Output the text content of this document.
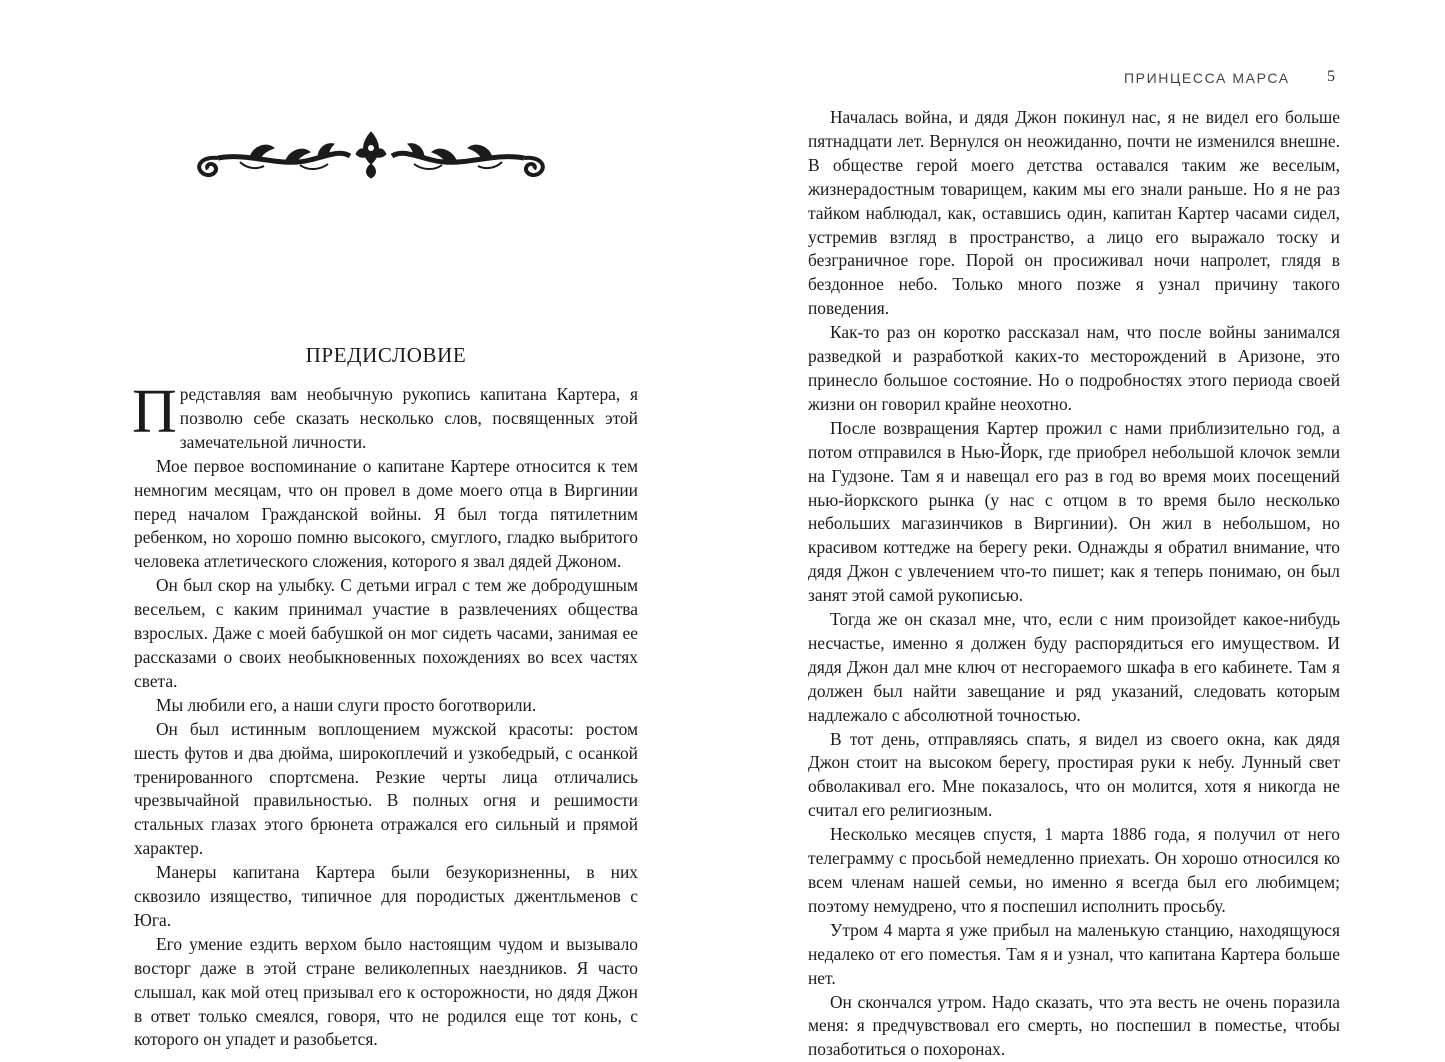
ПРЕДИСЛОВИЕ

Представляя вам необычную рукопись капитана Картера, я позволю себе сказать несколько слов, посвященных этой замечательной личности.

Мое первое воспоминание о капитане Картере относится к тем немногим месяцам, что он провел в доме моего отца в Виргинии перед началом Гражданской войны. Я был тогда пятилетним ребенком, но хорошо помню высокого, смуглого, гладко выбритого человека атлетического сложения, которого я звал дядей Джоном.

Он был скор на улыбку. С детьми играл с тем же добродушным весельем, с каким принимал участие в развлечениях общества взрослых. Даже с моей бабушкой он мог сидеть часами, занимая ее рассказами о своих необыкновенных похождениях во всех частях света.

Мы любили его, а наши слуги просто боготворили.

Он был истинным воплощением мужской красоты: ростом шесть футов и два дюйма, широкоплечий и узкобедрый, с осанкой тренированного спортсмена. Резкие черты лица отличались чрезвычайной правильностью. В полных огня и решимости стальных глазах этого брюнета отражался его сильный и прямой характер.

Манеры капитана Картера были безукоризненны, в них сквозило изящество, типичное для породистых джентльменов с Юга.

Его умение ездить верхом было настоящим чудом и вызывало восторг даже в этой стране великолепных наездников. Я часто слышал, как мой отец призывал его к осторожности, но дядя Джон в ответ только смеялся, говоря, что не родился еще тот конь, с которого он упадет и разобьется.

ПРИНЦЕССА МАРСА 5

Началась война, и дядя Джон покинул нас, я не видел его больше пятнадцати лет. Вернулся он неожиданно, почти не изменился внешне. В обществе герой моего детства оставался таким же веселым, жизнерадостным товарищем, каким мы его знали раньше. Но я не раз тайком наблюдал, как, оставшись один, капитан Картер часами сидел, устремив взгляд в пространство, а лицо его выражало тоску и безграничное горе. Порой он просиживал ночи напролет, глядя в бездонное небо. Только много позже я узнал причину такого поведения.

Как-то раз он коротко рассказал нам, что после войны занимался разведкой и разработкой каких-то месторождений в Аризоне, это принесло большое состояние. Но о подробностях этого периода своей жизни он говорил крайне неохотно.

После возвращения Картер прожил с нами приблизительно год, а потом отправился в Нью-Йорк, где приобрел небольшой клочок земли на Гудзоне. Там я и навещал его раз в год во время моих посещений нью-йоркского рынка (у нас с отцом в то время было несколько небольших магазинчиков в Виргинии). Он жил в небольшом, но красивом коттедже на берегу реки. Однажды я обратил внимание, что дядя Джон с увлечением что-то пишет; как я теперь понимаю, он был занят этой самой рукописью.

Тогда же он сказал мне, что, если с ним произойдет какое-нибудь несчастье, именно я должен буду распорядиться его имуществом. И дядя Джон дал мне ключ от несгораемого шкафа в его кабинете. Там я должен был найти завещание и ряд указаний, следовать которым надлежало с абсолютной точностью.

В тот день, отправляясь спать, я видел из своего окна, как дядя Джон стоит на высоком берегу, простирая руки к небу. Лунный свет обволакивал его. Мне показалось, что он молится, хотя я никогда не считал его религиозным.

Несколько месяцев спустя, 1 марта 1886 года, я получил от него телеграмму с просьбой немедленно приехать. Он хорошо относился ко всем членам нашей семьи, но именно я всегда был его любимцем; поэтому немудрено, что я поспешил исполнить просьбу.

Утром 4 марта я уже прибыл на маленькую станцию, находящуюся недалеко от его поместья. Там я и узнал, что капитана Картера больше нет.

Он скончался утром. Надо сказать, что эта весть не очень поразила меня: я предчувствовал его смерть, но поспешил в поместье, чтобы позаботиться о похоронах.
